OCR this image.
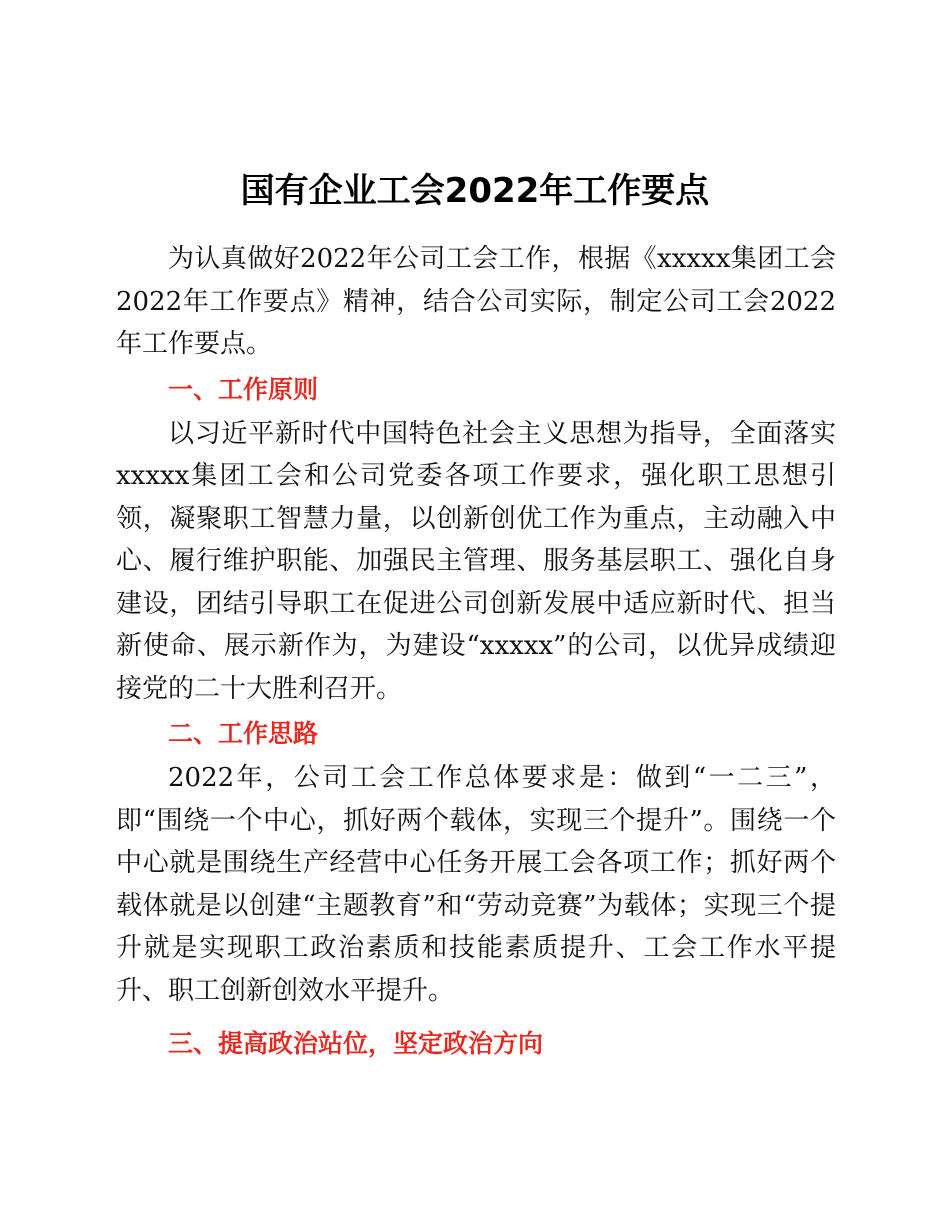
国有企业工会2022年工作要点

为认真做好2022年公司工会工作，根据《xxxxx集团工会2022年工作要点》精神，结合公司实际，制定公司工会2022年工作要点。

一、工作原则

以习近平新时代中国特色社会主义思想为指导，全面落实xxxxx集团工会和公司党委各项工作要求，强化职工思想引领，凝聚职工智慧力量，以创新创优工作为重点，主动融入中心、履行维护职能、加强民主管理、服务基层职工、强化自身建设，团结引导职工在促进公司创新发展中适应新时代、担当新使命、展示新作为，为建设“xxxxx”的公司，以优异成绩迎接党的二十大胜利召开。

二、工作思路

2022年，公司工会工作总体要求是：做到“一二三”，即“围绕一个中心，抓好两个载体，实现三个提升”。围绕一个中心就是围绕生产经营中心任务开展工会各项工作；抓好两个载体就是以创建“主题教育”和“劳动竞赛”为载体；实现三个提升就是实现职工政治素质和技能素质提升、工会工作水平提升、职工创新创效水平提升。

三、提高政治站位，坚定政治方向
